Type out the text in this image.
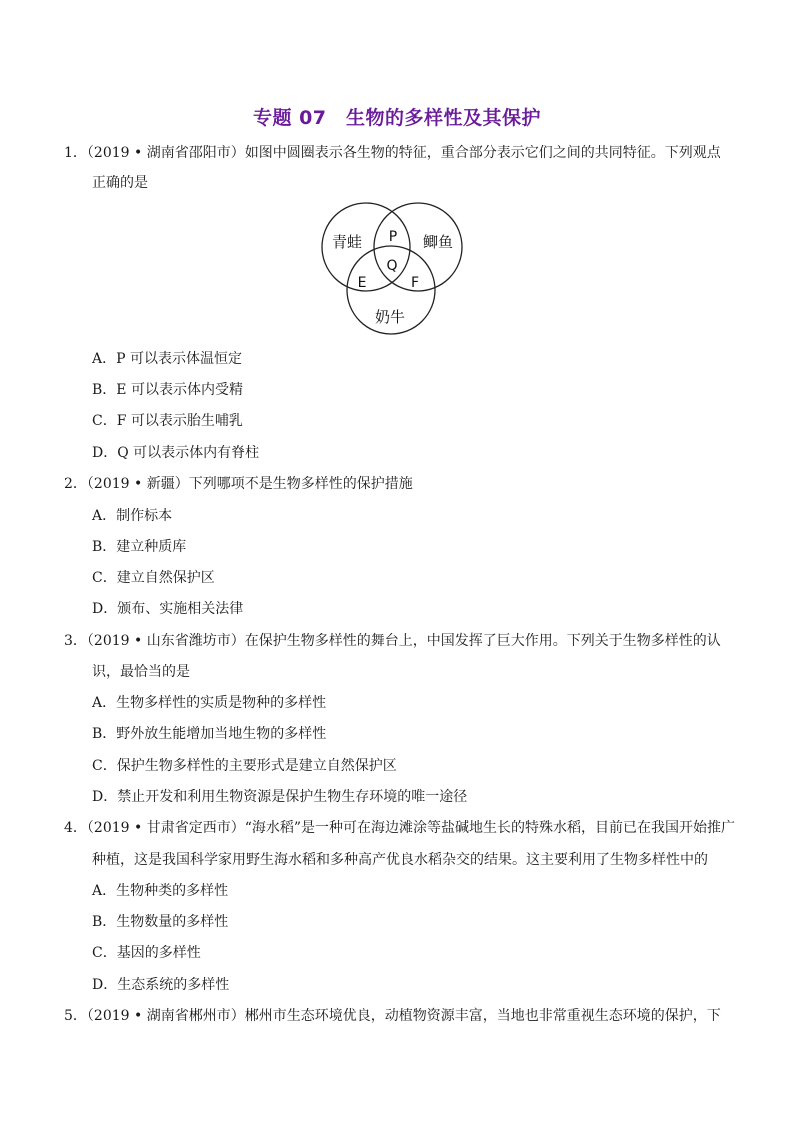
专题 07　生物的多样性及其保护
1．（2019 • 湖南省邵阳市）如图中圆圈表示各生物的特征，重合部分表示它们之间的共同特征。下列观点
正确的是
青蛙	鲫鱼
奶牛
P
Q
E	F
A．P 可以表示体温恒定
B．E 可以表示体内受精
C．F 可以表示胎生哺乳
D．Q 可以表示体内有脊柱
2．（2019 • 新疆）下列哪项不是生物多样性的保护措施
A．制作标本
B．建立种质库
C．建立自然保护区
D．颁布、实施相关法律
3．（2019 • 山东省潍坊市）在保护生物多样性的舞台上，中国发挥了巨大作用。下列关于生物多样性的认
识，最恰当的是
A．生物多样性的实质是物种的多样性
B．野外放生能增加当地生物的多样性
C．保护生物多样性的主要形式是建立自然保护区
D．禁止开发和利用生物资源是保护生物生存环境的唯一途径
4．（2019 • 甘肃省定西市）“海水稻”是一种可在海边滩涂等盐碱地生长的特殊水稻，目前已在我国开始推广
种植，这是我国科学家用野生海水稻和多种高产优良水稻杂交的结果。这主要利用了生物多样性中的
A．生物种类的多样性
B．生物数量的多样性
C．基因的多样性
D．生态系统的多样性
5．（2019 • 湖南省郴州市）郴州市生态环境优良，动植物资源丰富，当地也非常重视生态环境的保护，下
